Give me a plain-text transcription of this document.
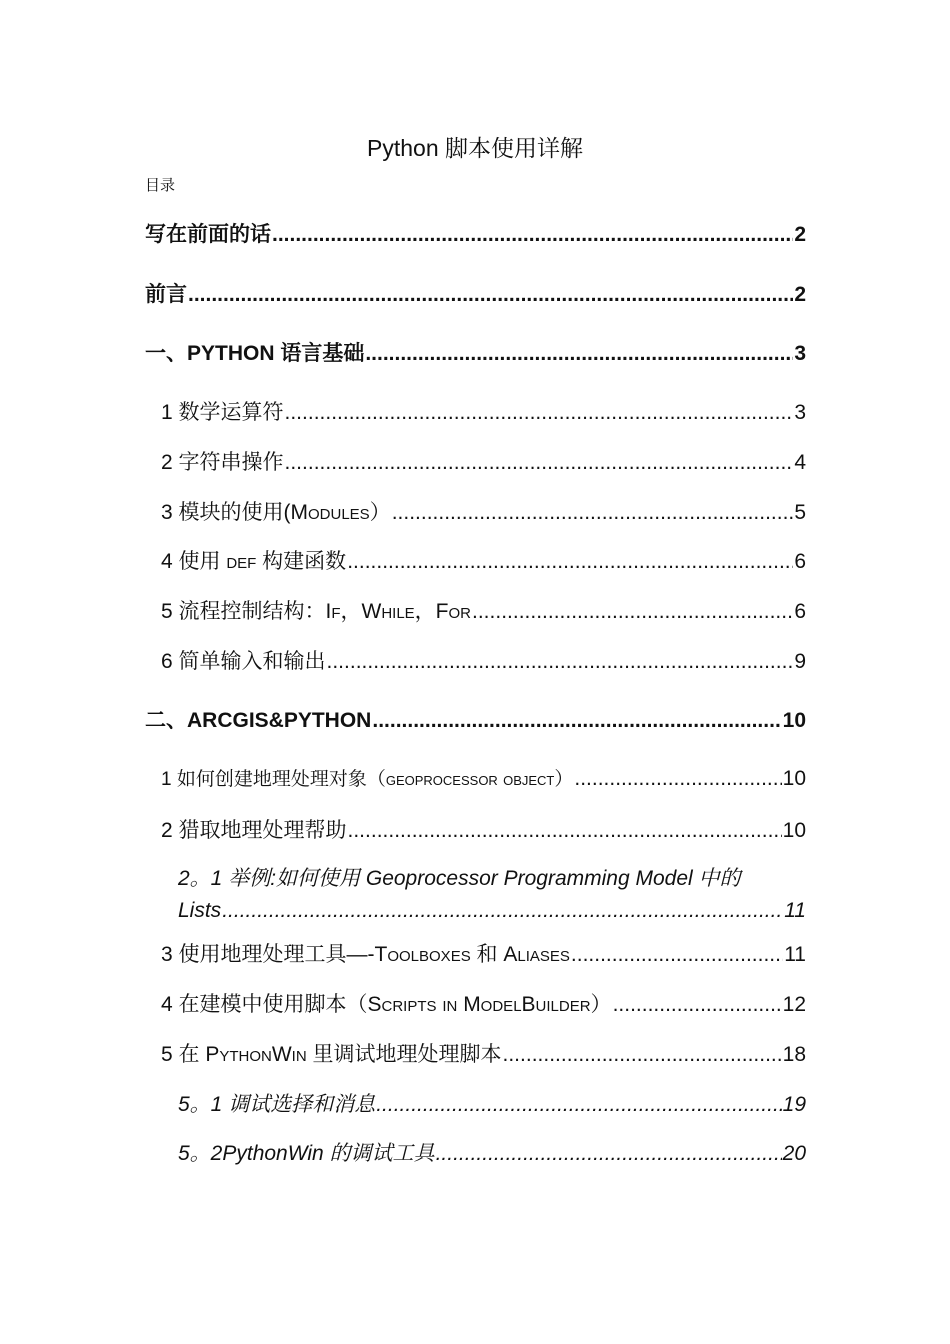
Python 脚本使用详解
目录
写在前面的话 .....	2
前言 .....	2
一、PYTHON 语言基础 .....	3
1 数学运算符 .....	3
2 字符串操作 .....	4
3 模块的使用(Modules） .....	5
4 使用 def 构建函数 .....	6
5 流程控制结构：If，While，For .....	6
6 简单输入和输出 .....	9
二、ARCGIS&PYTHON .....	10
1 如何创建地理处理对象（geoprocessor object） .....	10
2 猎取地理处理帮助 .....	10
2。1 举例:如何使用 Geoprocessor Programming Model 中的
Lists .....	11
3 使用地理处理工具—-Toolboxes 和 Aliases .....	11
4 在建模中使用脚本（Scripts in ModelBuilder） .....	12
5 在 PythonWin 里调试地理处理脚本 .....	18
5。1 调试选择和消息 .....	19
5。2PythonWin 的调试工具 .....	20
